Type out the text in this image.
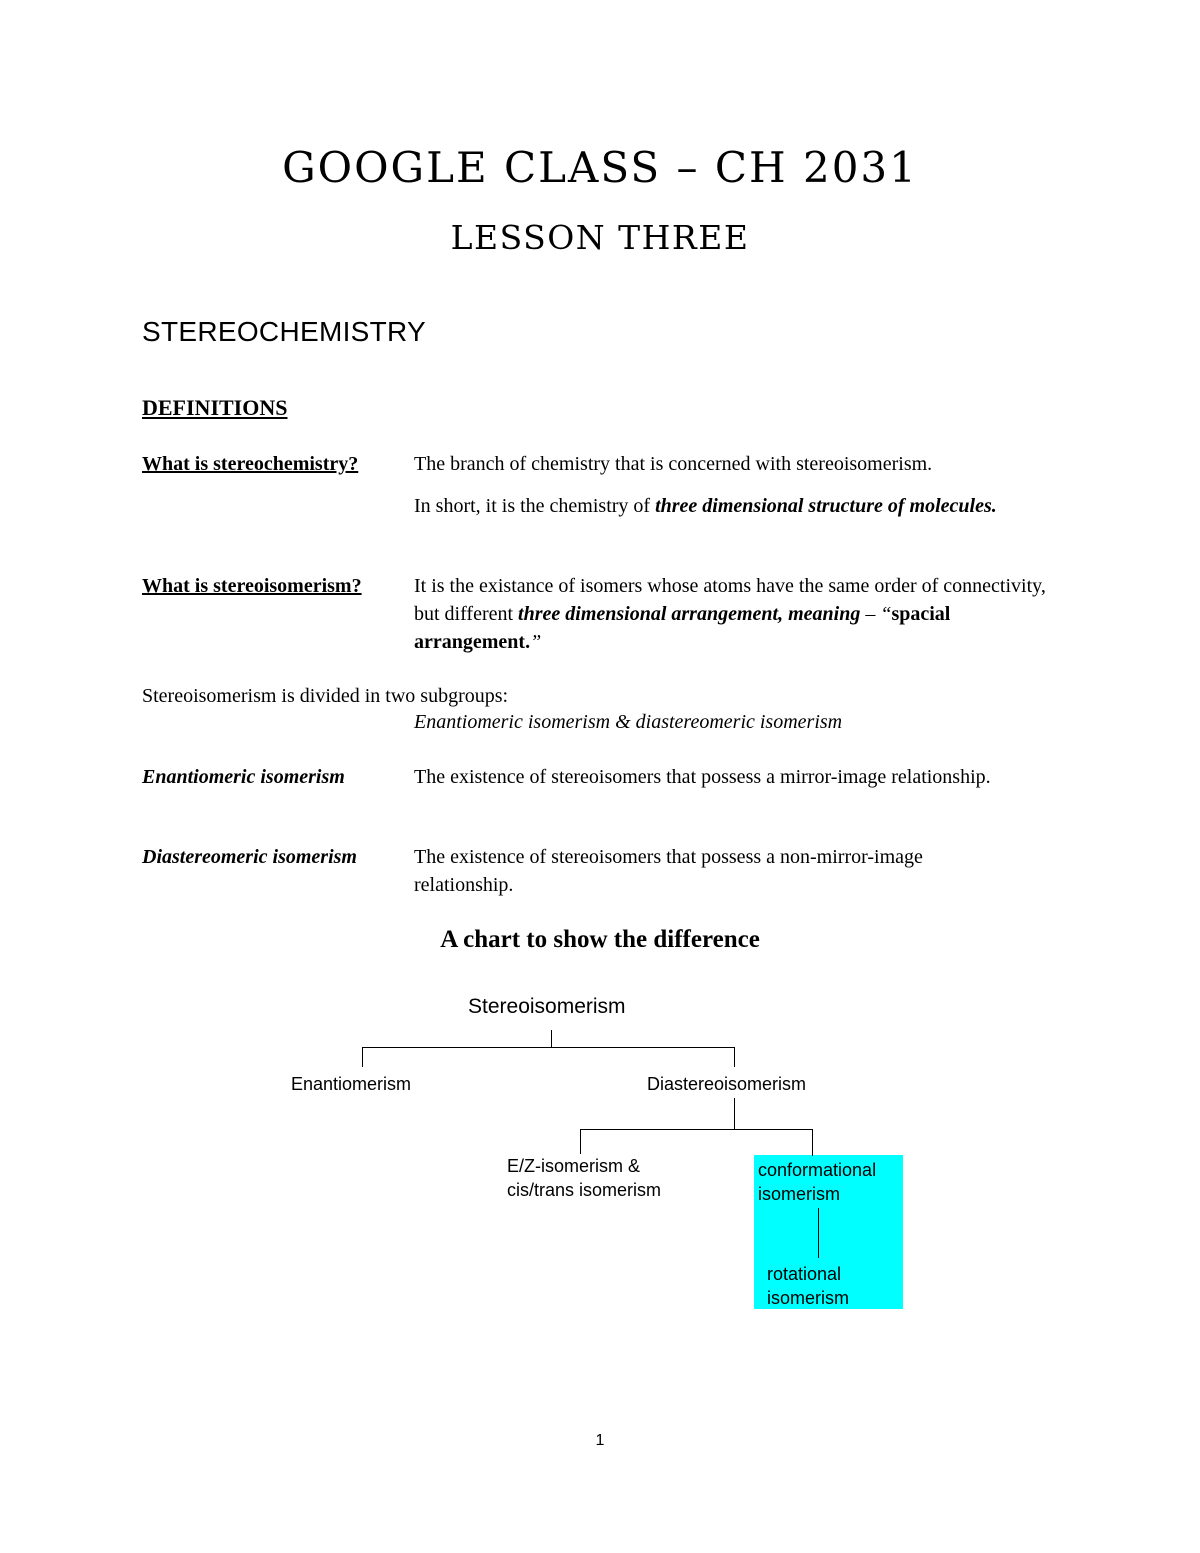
GOOGLE CLASS – CH 2031
LESSON THREE
STEREOCHEMISTRY
DEFINITIONS
What is stereochemistry?	The branch of chemistry that is concerned with stereoisomerism.
In short, it is the chemistry of three dimensional structure of molecules.
What is stereoisomerism?	It is the existance of isomers whose atoms have the same order of connectivity, but different three dimensional arrangement, meaning – “spacial arrangement.”
Stereoisomerism is divided in two subgroups:
Enantiomeric isomerism & diastereomeric isomerism
Enantiomeric isomerism	The existence of stereoisomers that possess a mirror-image relationship.
Diastereomeric isomerism	The existence of stereoisomers that possess a non-mirror-image relationship.
A chart to show the difference
Stereoisomerism
Enantiomerism	Diastereoisomerism
E/Z-isomerism &
cis/trans isomerism
conformational
isomerism
rotational
isomerism
1
